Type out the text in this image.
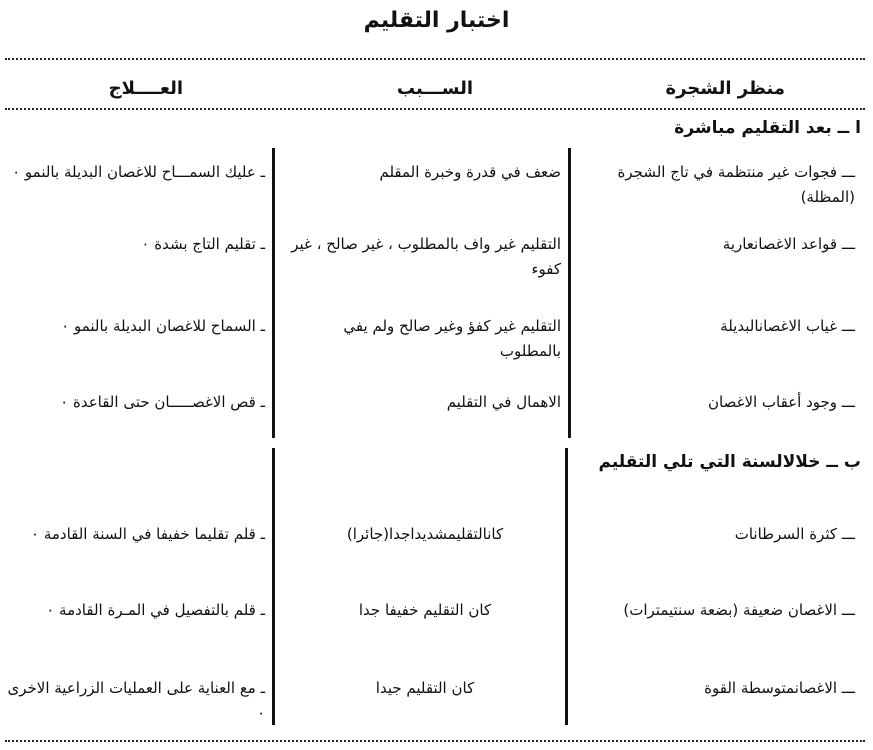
اختبار التقليم
منظر الشجرة
الســـبب
العــــلاج
ا ــ بعد التقليم مباشرة
ـــ فجوات غير منتظمة في تاج الشجرة (المظلة)
ضعف في قدرة وخبرة المقلم
ـ عليك السمـــاح للاغصان البديلة بالنمو ٠
ـــ قواعد الاغصانعارية
التقليم غير واف بالمطلوب ، غير صالح ، غير كفوء
ـ تقليم التاج بشدة ٠
ـــ غياب الاغصانالبديلة
التقليم غير كفؤ وغير صالح ولم يفي بالمطلوب
ـ السماح للاغصان البديلة بالنمو ٠
ـــ وجود أعقاب الاغصان
الاهمال في التقليم
ـ قص الاغصـــــان حتى القاعدة ٠
ب ــ خلالالسنة التي تلي التقليم
ـــ كثرة السرطانات
كانالتقليمشديداجدا(جائرا)
ـ قلم تقليما خفيفا في السنة القادمة ٠
ـــ الاغصان ضعيفة (بضعة سنتيمترات)
كان التقليم خفيفا جدا
ـ قلم بالتفصيل في المـرة القادمة ٠
ـــ الاغصانمتوسطة القوة
كان التقليم جيدا
ـ مع العناية على العمليات الزراعية الاخرى ٠
